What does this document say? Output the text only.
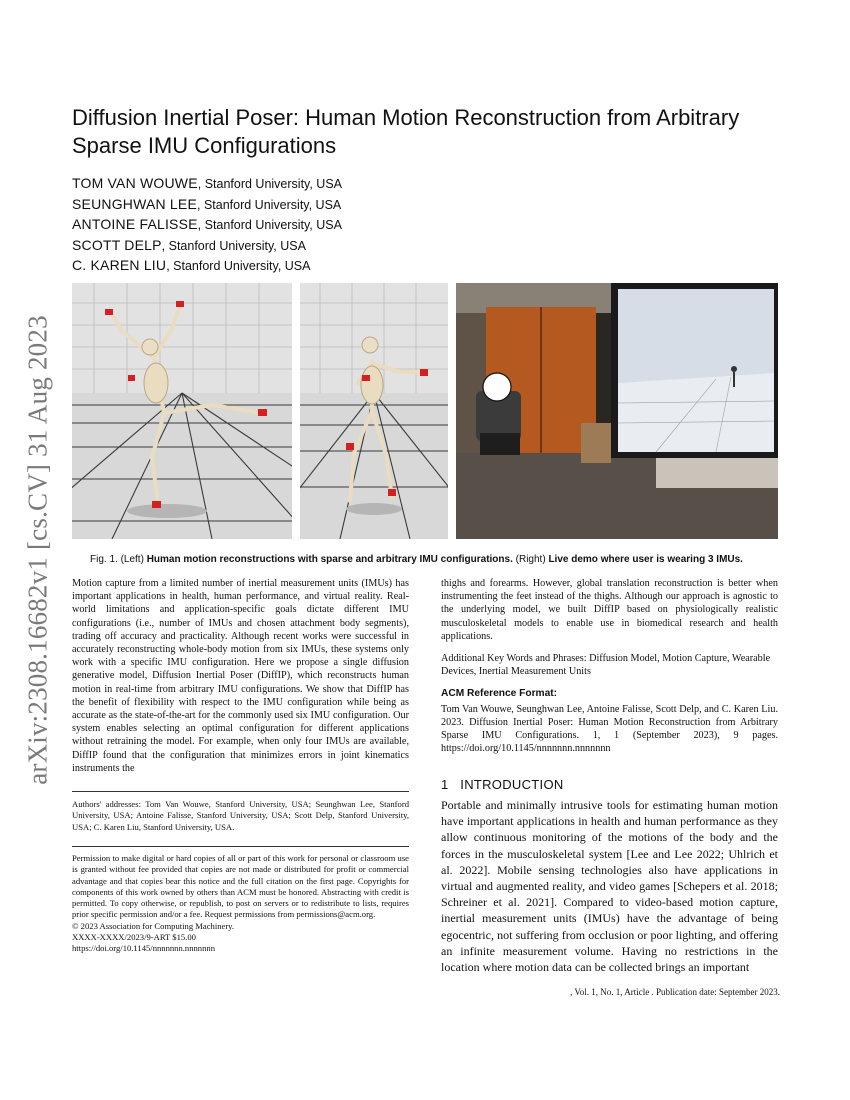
arXiv:2308.16682v1 [cs.CV] 31 Aug 2023
Diffusion Inertial Poser: Human Motion Reconstruction from Arbitrary Sparse IMU Configurations
TOM VAN WOUWE, Stanford University, USA
SEUNGHWAN LEE, Stanford University, USA
ANTOINE FALISSE, Stanford University, USA
SCOTT DELP, Stanford University, USA
C. KAREN LIU, Stanford University, USA
Fig. 1. (Left) Human motion reconstructions with sparse and arbitrary IMU configurations. (Right) Live demo where user is wearing 3 IMUs.

Motion capture from a limited number of inertial measurement units (IMUs) has important applications in health, human performance, and virtual reality. Real-world limitations and application-specific goals dictate different IMU configurations (i.e., number of IMUs and chosen attachment body segments), trading off accuracy and practicality. Although recent works were successful in accurately reconstructing whole-body motion from six IMUs, these systems only work with a specific IMU configuration. Here we propose a single diffusion generative model, Diffusion Inertial Poser (DiffIP), which reconstructs human motion in real-time from arbitrary IMU configurations. We show that DiffIP has the benefit of flexibility with respect to the IMU configuration while being as accurate as the state-of-the-art for the commonly used six IMU configuration. Our system enables selecting an optimal configuration for different applications without retraining the model. For example, when only four IMUs are available, DiffIP found that the configuration that minimizes errors in joint kinematics instruments the

thighs and forearms. However, global translation reconstruction is better when instrumenting the feet instead of the thighs. Although our approach is agnostic to the underlying model, we built DiffIP based on physiologically realistic musculoskeletal models to enable use in biomedical research and health applications.

Additional Key Words and Phrases: Diffusion Model, Motion Capture, Wearable Devices, Inertial Measurement Units

ACM Reference Format:

Tom Van Wouwe, Seunghwan Lee, Antoine Falisse, Scott Delp, and C. Karen Liu. 2023. Diffusion Inertial Poser: Human Motion Reconstruction from Arbitrary Sparse IMU Configurations. 1, 1 (September 2023), 9 pages. https://doi.org/10.1145/nnnnnnn.nnnnnnn

1 INTRODUCTION
Portable and minimally intrusive tools for estimating human motion have important applications in health and human performance as they allow continuous monitoring of the motions of the body and the forces in the musculoskeletal system [Lee and Lee 2022; Uhlrich et al. 2022]. Mobile sensing technologies also have applications in virtual and augmented reality, and video games [Schepers et al. 2018; Schreiner et al. 2021]. Compared to video-based motion capture, inertial measurement units (IMUs) have the advantage of being egocentric, not suffering from occlusion or poor lighting, and offering an infinite measurement volume. Having no restrictions in the location where motion data can be collected brings an important
Authors' addresses: Tom Van Wouwe, Stanford University, USA; Seunghwan Lee, Stanford University, USA; Antoine Falisse, Stanford University, USA; Scott Delp, Stanford University, USA; C. Karen Liu, Stanford University, USA.
Permission to make digital or hard copies of all or part of this work for personal or classroom use is granted without fee provided that copies are not made or distributed for profit or commercial advantage and that copies bear this notice and the full citation on the first page. Copyrights for components of this work owned by others than ACM must be honored. Abstracting with credit is permitted. To copy otherwise, or republish, to post on servers or to redistribute to lists, requires prior specific permission and/or a fee. Request permissions from permissions@acm.org.
© 2023 Association for Computing Machinery.
XXXX-XXXX/2023/9-ART $15.00
https://doi.org/10.1145/nnnnnnn.nnnnnnn
, Vol. 1, No. 1, Article . Publication date: September 2023.
